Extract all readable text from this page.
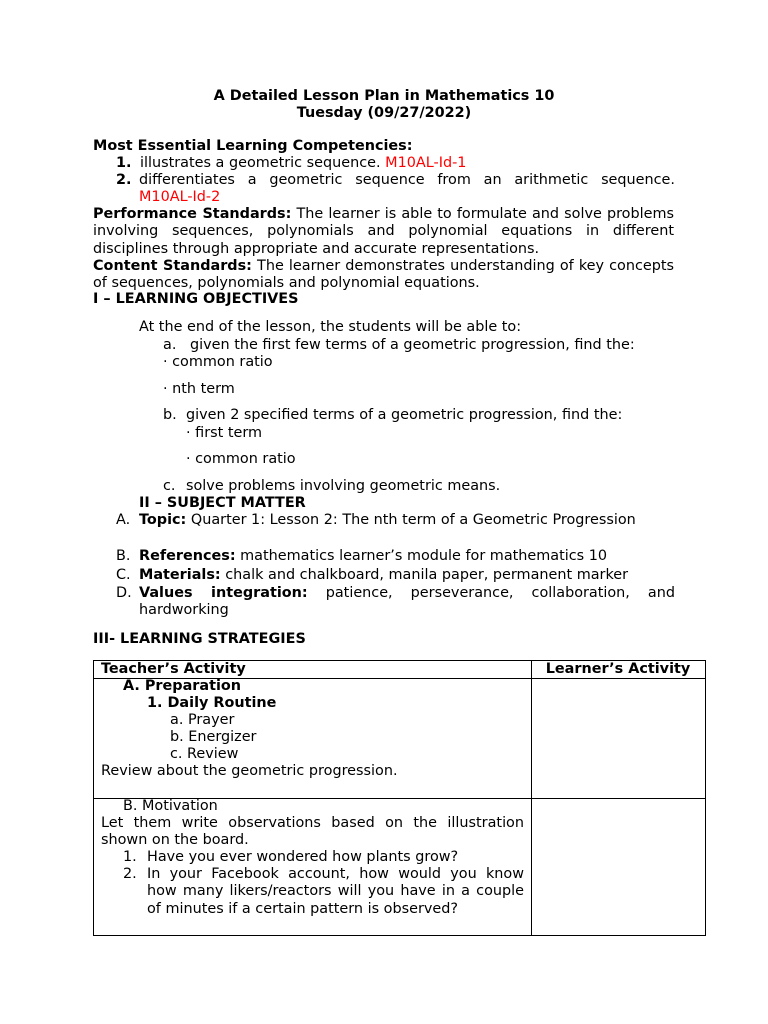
A Detailed Lesson Plan in Mathematics 10
Tuesday (09/27/2022)
Most Essential Learning Competencies:
1. illustrates a geometric sequence. M10AL-Id-1
2. differentiates a geometric sequence from an arithmetic sequence.
M10AL-Id-2
Performance Standards: The learner is able to formulate and solve problems involving sequences, polynomials and polynomial equations in different disciplines through appropriate and accurate representations.
Content Standards: The learner demonstrates understanding of key concepts of sequences, polynomials and polynomial equations.
I – LEARNING OBJECTIVES
At the end of the lesson, the students will be able to:
a. given the first few terms of a geometric progression, find the:
· common ratio
· nth term
b. given 2 specified terms of a geometric progression, find the:
· first term
· common ratio
c. solve problems involving geometric means.
II – SUBJECT MATTER
A. Topic: Quarter 1: Lesson 2: The nth term of a Geometric Progression
B. References: mathematics learner’s module for mathematics 10
C. Materials: chalk and chalkboard, manila paper, permanent marker
D. Values integration: patience, perseverance, collaboration, and hardworking
III- LEARNING STRATEGIES
Teacher’s Activity	Learner’s Activity
A. Preparation
1. Daily Routine
a. Prayer
b. Energizer
c. Review
Review about the geometric progression.
B. Motivation
Let them write observations based on the illustration shown on the board.
1. Have you ever wondered how plants grow?
2. In your Facebook account, how would you know how many likers/reactors will you have in a couple of minutes if a certain pattern is observed?
